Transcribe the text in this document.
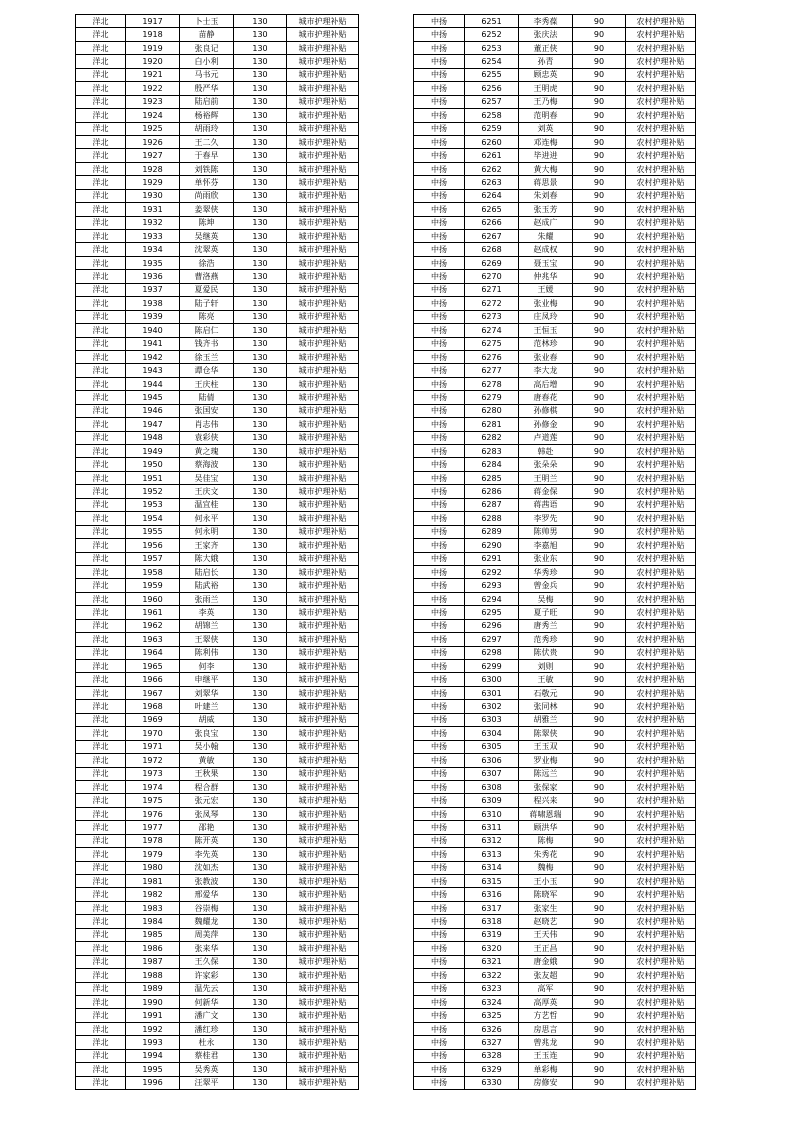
洋北	1917	卜士玉	130	城市护理补贴
洋北	1918	苗静	130	城市护理补贴
洋北	1919	张良记	130	城市护理补贴
洋北	1920	白小利	130	城市护理补贴
洋北	1921	马书元	130	城市护理补贴
洋北	1922	殷严华	130	城市护理补贴
洋北	1923	陆启前	130	城市护理补贴
洋北	1924	杨裕辉	130	城市护理补贴
洋北	1925	胡雨玲	130	城市护理补贴
洋北	1926	王二久	130	城市护理补贴
洋北	1927	于春早	130	城市护理补贴
洋北	1928	刘铁陈	130	城市护理补贴
洋北	1929	单怀芬	130	城市护理补贴
洋北	1930	尚雨欣	130	城市护理补贴
洋北	1931	姜翠侠	130	城市护理补贴
洋北	1932	陈坤	130	城市护理补贴
洋北	1933	吴继英	130	城市护理补贴
洋北	1934	沈翠英	130	城市护理补贴
洋北	1935	徐浩	130	城市护理补贴
洋北	1936	曹洛燕	130	城市护理补贴
洋北	1937	夏爱民	130	城市护理补贴
洋北	1938	陆子轩	130	城市护理补贴
洋北	1939	陈亮	130	城市护理补贴
洋北	1940	陈启仁	130	城市护理补贴
洋北	1941	钱齐书	130	城市护理补贴
洋北	1942	徐玉兰	130	城市护理补贴
洋北	1943	谭仓华	130	城市护理补贴
洋北	1944	王庆柱	130	城市护理补贴
洋北	1945	陆倩	130	城市护理补贴
洋北	1946	张国安	130	城市护理补贴
洋北	1947	肖志伟	130	城市护理补贴
洋北	1948	袁彩侠	130	城市护理补贴
洋北	1949	黄之瑰	130	城市护理补贴
洋北	1950	蔡海波	130	城市护理补贴
洋北	1951	吴佳宝	130	城市护理补贴
洋北	1952	王庆文	130	城市护理补贴
洋北	1953	温宜桂	130	城市护理补贴
洋北	1954	何永平	130	城市护理补贴
洋北	1955	何永明	130	城市护理补贴
洋北	1956	王家齐	130	城市护理补贴
洋北	1957	陈大娥	130	城市护理补贴
洋北	1958	陆启长	130	城市护理补贴
洋北	1959	陆武裕	130	城市护理补贴
洋北	1960	张雨兰	130	城市护理补贴
洋北	1961	李英	130	城市护理补贴
洋北	1962	胡锦兰	130	城市护理补贴
洋北	1963	王翠侠	130	城市护理补贴
洋北	1964	陈利伟	130	城市护理补贴
洋北	1965	何李	130	城市护理补贴
洋北	1966	申继平	130	城市护理补贴
洋北	1967	刘翠华	130	城市护理补贴
洋北	1968	叶建兰	130	城市护理补贴
洋北	1969	胡威	130	城市护理补贴
洋北	1970	张良宝	130	城市护理补贴
洋北	1971	吴小翰	130	城市护理补贴
洋北	1972	黄敏	130	城市护理补贴
洋北	1973	王秋果	130	城市护理补贴
洋北	1974	程合群	130	城市护理补贴
洋北	1975	张元宏	130	城市护理补贴
洋北	1976	张凤琴	130	城市护理补贴
洋北	1977	邵艳	130	城市护理补贴
洋北	1978	陈开英	130	城市护理补贴
洋北	1979	李先英	130	城市护理补贴
洋北	1980	沈如杰	130	城市护理补贴
洋北	1981	张教波	130	城市护理补贴
洋北	1982	邢爱华	130	城市护理补贴
洋北	1983	谷崇梅	130	城市护理补贴
洋北	1984	魏耀龙	130	城市护理补贴
洋北	1985	周美萍	130	城市护理补贴
洋北	1986	张来华	130	城市护理补贴
洋北	1987	王久保	130	城市护理补贴
洋北	1988	许家彩	130	城市护理补贴
洋北	1989	温先云	130	城市护理补贴
洋北	1990	何新华	130	城市护理补贴
洋北	1991	潘广文	130	城市护理补贴
洋北	1992	潘红珍	130	城市护理补贴
洋北	1993	杜永	130	城市护理补贴
洋北	1994	蔡桂君	130	城市护理补贴
洋北	1995	吴秀英	130	城市护理补贴
洋北	1996	汪翠平	130	城市护理补贴
中扬	6251	李秀葆	90	农村护理补贴
中扬	6252	张庆法	90	农村护理补贴
中扬	6253	董正侠	90	农村护理补贴
中扬	6254	孙青	90	农村护理补贴
中扬	6255	顾忠英	90	农村护理补贴
中扬	6256	王明虎	90	农村护理补贴
中扬	6257	王乃梅	90	农村护理补贴
中扬	6258	范明春	90	农村护理补贴
中扬	6259	刘英	90	农村护理补贴
中扬	6260	邓连梅	90	农村护理补贴
中扬	6261	毕进进	90	农村护理补贴
中扬	6262	黄大梅	90	农村护理补贴
中扬	6263	蒋思景	90	农村护理补贴
中扬	6264	朱刘春	90	农村护理补贴
中扬	6265	张玉芳	90	农村护理补贴
中扬	6266	赵成广	90	农村护理补贴
中扬	6267	朱耀	90	农村护理补贴
中扬	6268	赵成权	90	农村护理补贴
中扬	6269	聂玉宝	90	农村护理补贴
中扬	6270	仲兆华	90	农村护理补贴
中扬	6271	王媛	90	农村护理补贴
中扬	6272	张业梅	90	农村护理补贴
中扬	6273	庄凤玲	90	农村护理补贴
中扬	6274	王恒玉	90	农村护理补贴
中扬	6275	范林珍	90	农村护理补贴
中扬	6276	张业春	90	农村护理补贴
中扬	6277	李大龙	90	农村护理补贴
中扬	6278	高后增	90	农村护理补贴
中扬	6279	唐春花	90	农村护理补贴
中扬	6280	孙修棋	90	农村护理补贴
中扬	6281	孙修金	90	农村护理补贴
中扬	6282	卢道莲	90	农村护理补贴
中扬	6283	韩赴	90	农村护理补贴
中扬	6284	张朵朵	90	农村护理补贴
中扬	6285	王明兰	90	农村护理补贴
中扬	6286	蒋金保	90	农村护理补贴
中扬	6287	蒋茜语	90	农村护理补贴
中扬	6288	李罗先	90	农村护理补贴
中扬	6289	陈帅男	90	农村护理补贴
中扬	6290	李嘉旭	90	农村护理补贴
中扬	6291	张业东	90	农村护理补贴
中扬	6292	华秀珍	90	农村护理补贴
中扬	6293	曾金兵	90	农村护理补贴
中扬	6294	吴梅	90	农村护理补贴
中扬	6295	夏子旺	90	农村护理补贴
中扬	6296	唐秀兰	90	农村护理补贴
中扬	6297	范秀珍	90	农村护理补贴
中扬	6298	陈伏贵	90	农村护理补贴
中扬	6299	刘则	90	农村护理补贴
中扬	6300	王敏	90	农村护理补贴
中扬	6301	石敬元	90	农村护理补贴
中扬	6302	张同林	90	农村护理补贴
中扬	6303	胡雅兰	90	农村护理补贴
中扬	6304	陈翠侠	90	农村护理补贴
中扬	6305	王玉双	90	农村护理补贴
中扬	6306	罗业梅	90	农村护理补贴
中扬	6307	陈远兰	90	农村护理补贴
中扬	6308	张保家	90	农村护理补贴
中扬	6309	程兴来	90	农村护理补贴
中扬	6310	蒋啸恩瑞	90	农村护理补贴
中扬	6311	顾洪华	90	农村护理补贴
中扬	6312	陈梅	90	农村护理补贴
中扬	6313	朱秀花	90	农村护理补贴
中扬	6314	魏梅	90	农村护理补贴
中扬	6315	王小玉	90	农村护理补贴
中扬	6316	陈晓军	90	农村护理补贴
中扬	6317	张家生	90	农村护理补贴
中扬	6318	赵晓艺	90	农村护理补贴
中扬	6319	王天伟	90	农村护理补贴
中扬	6320	王正昌	90	农村护理补贴
中扬	6321	唐金娥	90	农村护理补贴
中扬	6322	张友超	90	农村护理补贴
中扬	6323	高军	90	农村护理补贴
中扬	6324	高厚英	90	农村护理补贴
中扬	6325	方艺哲	90	农村护理补贴
中扬	6326	房思言	90	农村护理补贴
中扬	6327	曾兆龙	90	农村护理补贴
中扬	6328	王玉连	90	农村护理补贴
中扬	6329	单彩梅	90	农村护理补贴
中扬	6330	房修安	90	农村护理补贴
